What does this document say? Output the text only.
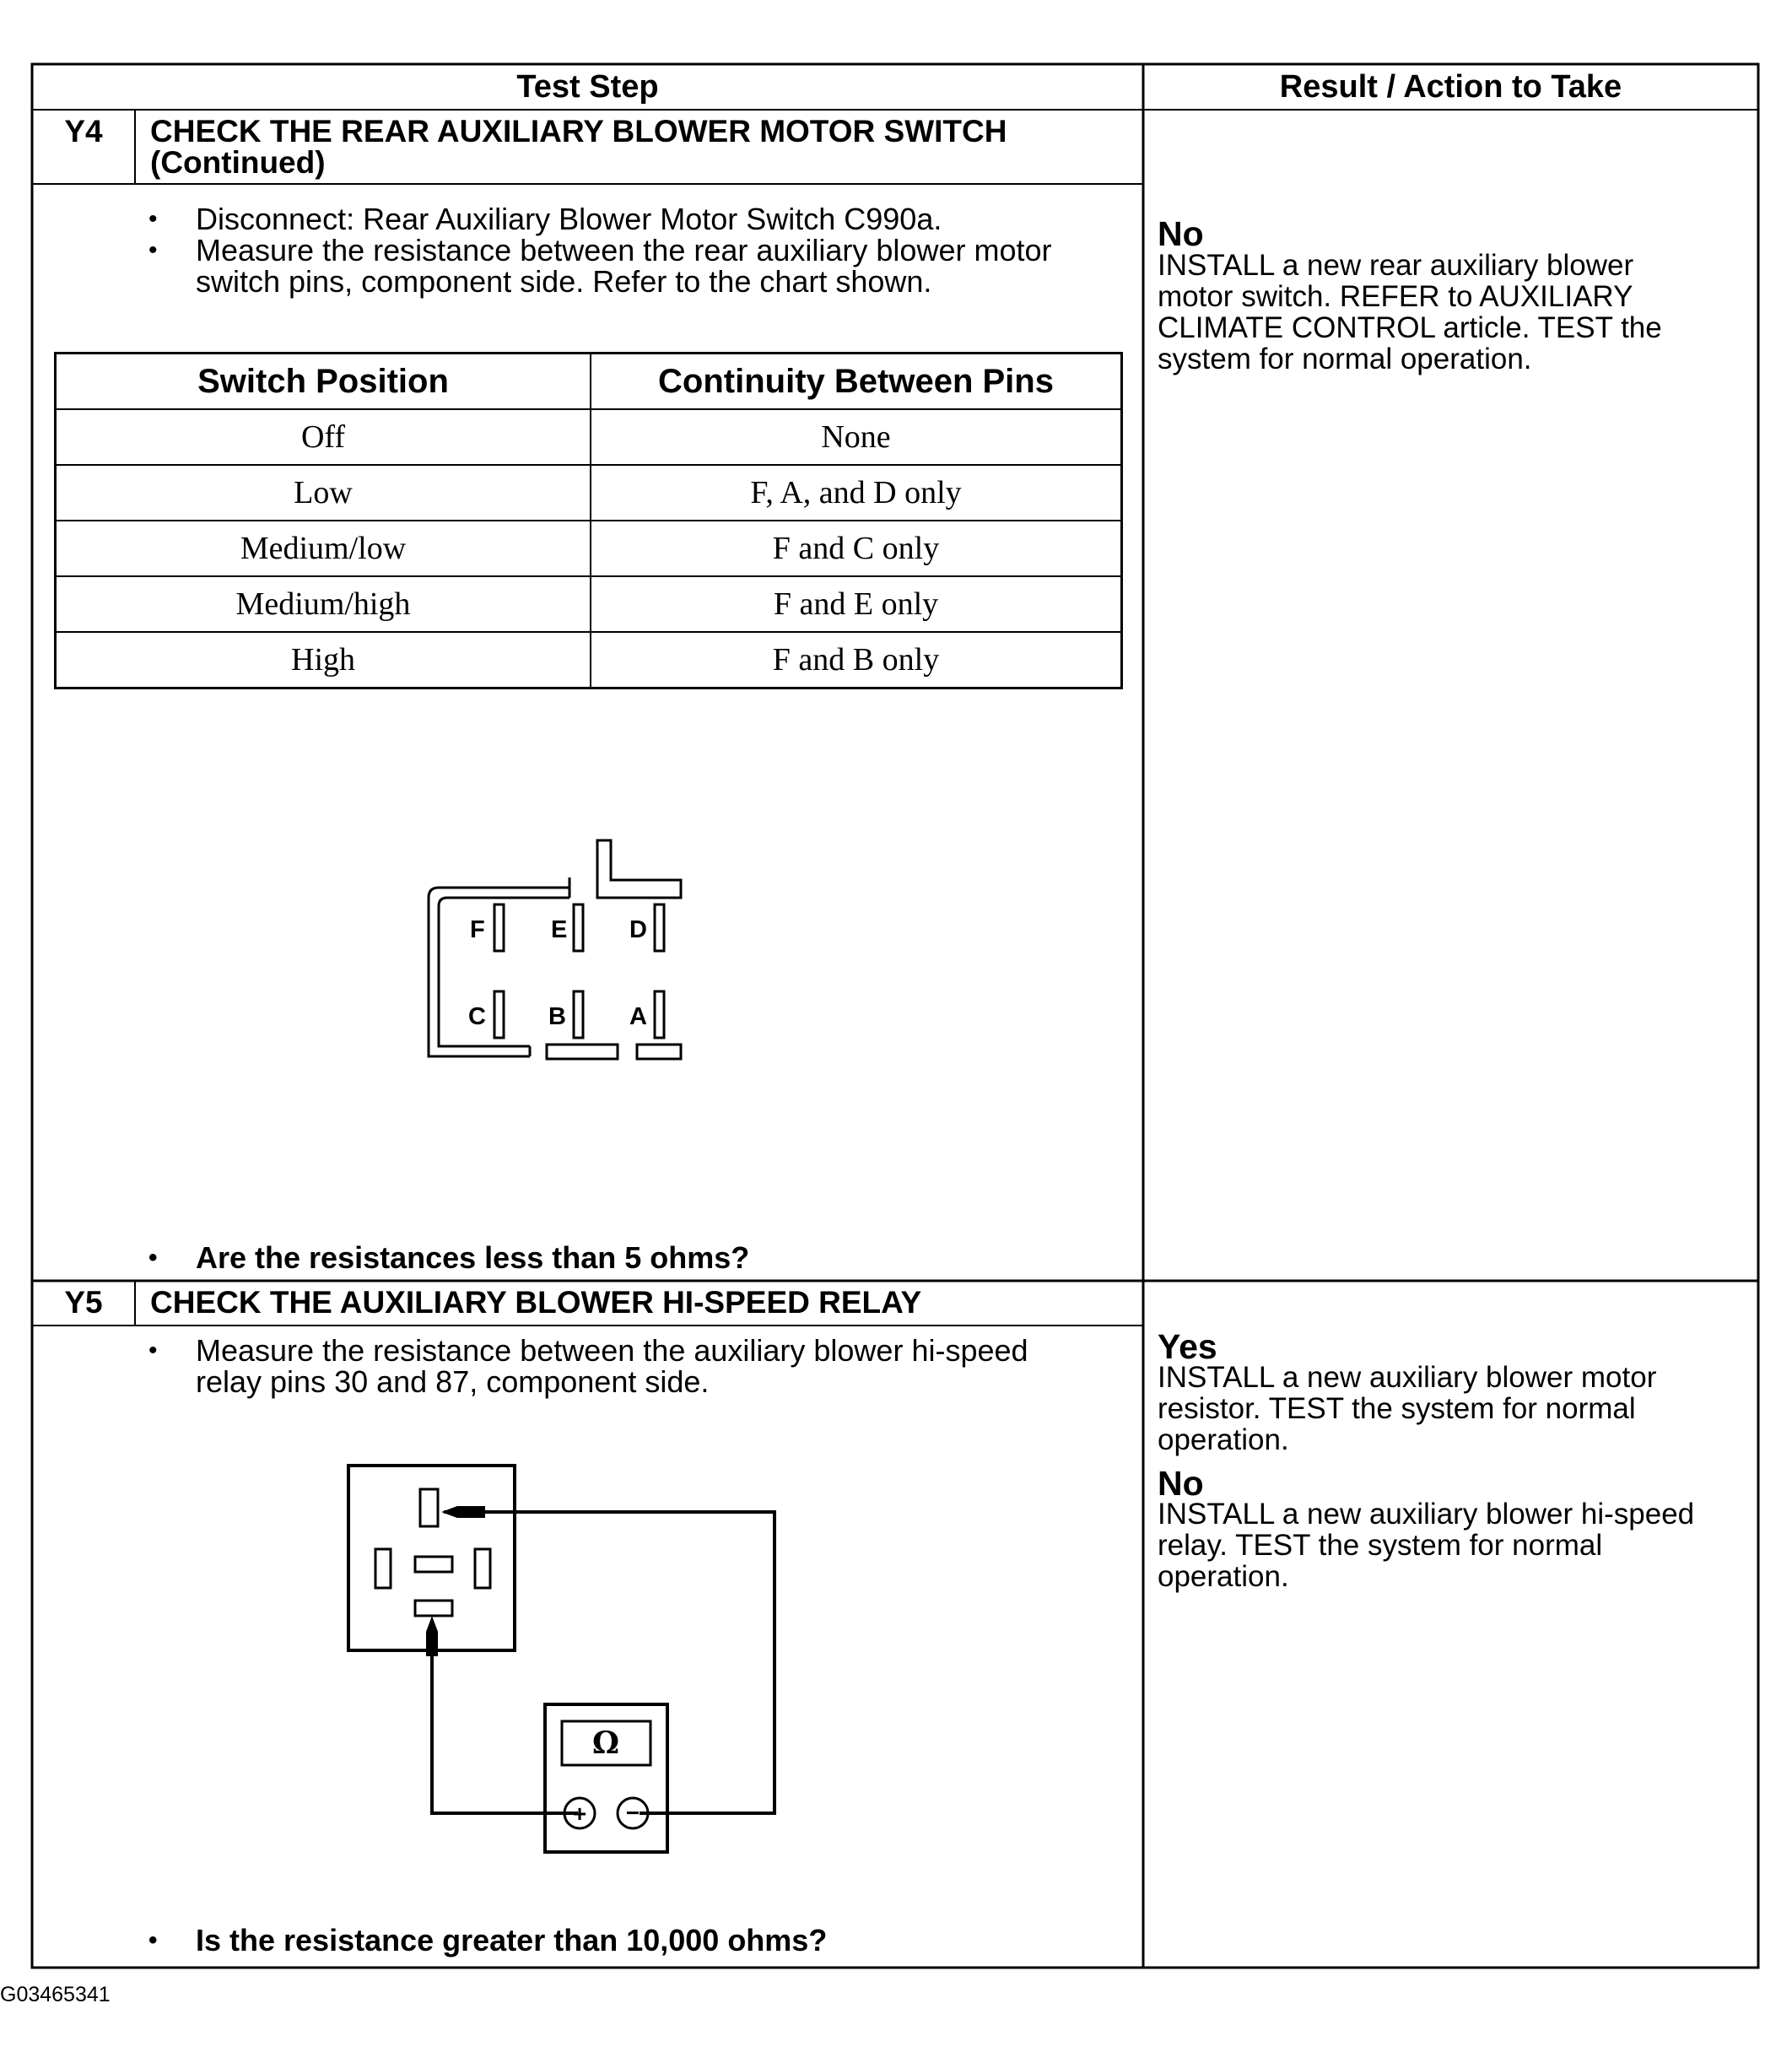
Test Step	Result / Action to Take
Y4	CHECK THE REAR AUXILIARY BLOWER MOTOR SWITCH
(Continued)
•	Disconnect: Rear Auxiliary Blower Motor Switch C990a.
•	Measure the resistance between the rear auxiliary blower motor
switch pins, component side. Refer to the chart shown.
Switch Position	Continuity Between Pins
Off	None
Low	F, A, and D only
Medium/low	F and C only
Medium/high	F and E only
High	F and B only
F	E	D
C	B	A
•	Are the resistances less than 5 ohms?
No
INSTALL a new rear auxiliary blower
motor switch. REFER to AUXILIARY
CLIMATE CONTROL article. TEST the
system for normal operation.
Y5	CHECK THE AUXILIARY BLOWER HI-SPEED RELAY
•	Measure the resistance between the auxiliary blower hi-speed
relay pins 30 and 87, component side.
Ω
+ −
•	Is the resistance greater than 10,000 ohms?
Yes
INSTALL a new auxiliary blower motor
resistor. TEST the system for normal
operation.
No
INSTALL a new auxiliary blower hi-speed
relay. TEST the system for normal
operation.
G03465341
